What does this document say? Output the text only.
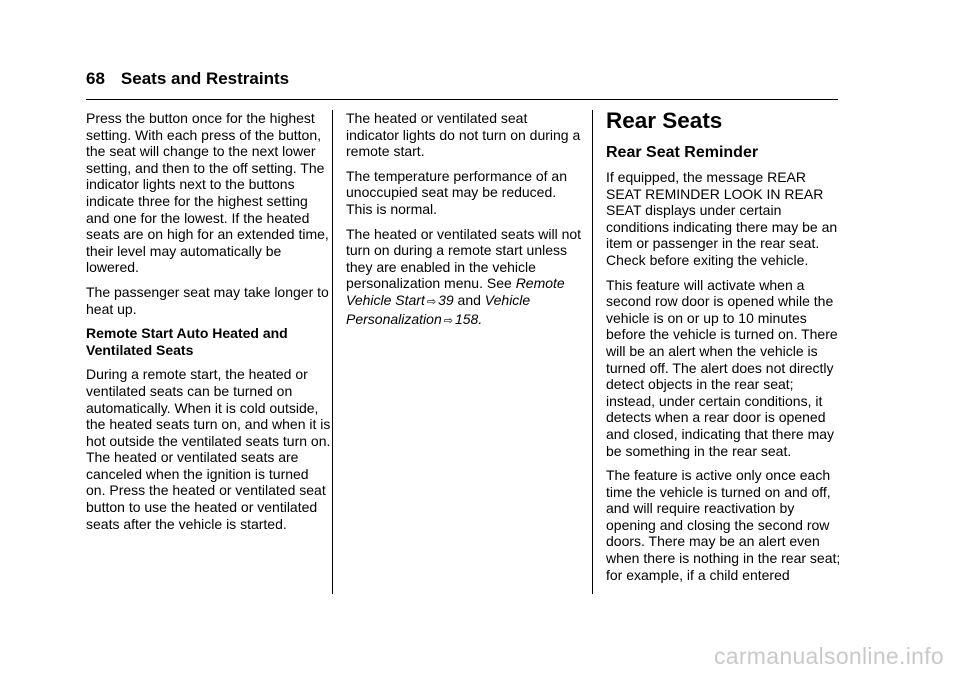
68 Seats and Restraints

Press the button once for the highest setting. With each press of the button, the seat will change to the next lower setting, and then to the off setting. The indicator lights next to the buttons indicate three for the highest setting and one for the lowest. If the heated seats are on high for an extended time, their level may automatically be lowered.

The passenger seat may take longer to heat up.

Remote Start Auto Heated and Ventilated Seats

During a remote start, the heated or ventilated seats can be turned on automatically. When it is cold outside, the heated seats turn on, and when it is hot outside the ventilated seats turn on. The heated or ventilated seats are canceled when the ignition is turned on. Press the heated or ventilated seat button to use the heated or ventilated seats after the vehicle is started.

The heated or ventilated seat indicator lights do not turn on during a remote start.

The temperature performance of an unoccupied seat may be reduced. This is normal.

The heated or ventilated seats will not turn on during a remote start unless they are enabled in the vehicle personalization menu. See Remote Vehicle Start ⇨ 39 and Vehicle Personalization ⇨ 158.

Rear Seats
Rear Seat Reminder

If equipped, the message REAR SEAT REMINDER LOOK IN REAR SEAT displays under certain conditions indicating there may be an item or passenger in the rear seat. Check before exiting the vehicle.

This feature will activate when a second row door is opened while the vehicle is on or up to 10 minutes before the vehicle is turned on. There will be an alert when the vehicle is turned off. The alert does not directly detect objects in the rear seat; instead, under certain conditions, it detects when a rear door is opened and closed, indicating that there may be something in the rear seat.

The feature is active only once each time the vehicle is turned on and off, and will require reactivation by opening and closing the second row doors. There may be an alert even when there is nothing in the rear seat; for example, if a child entered

carmanualsonline.info
